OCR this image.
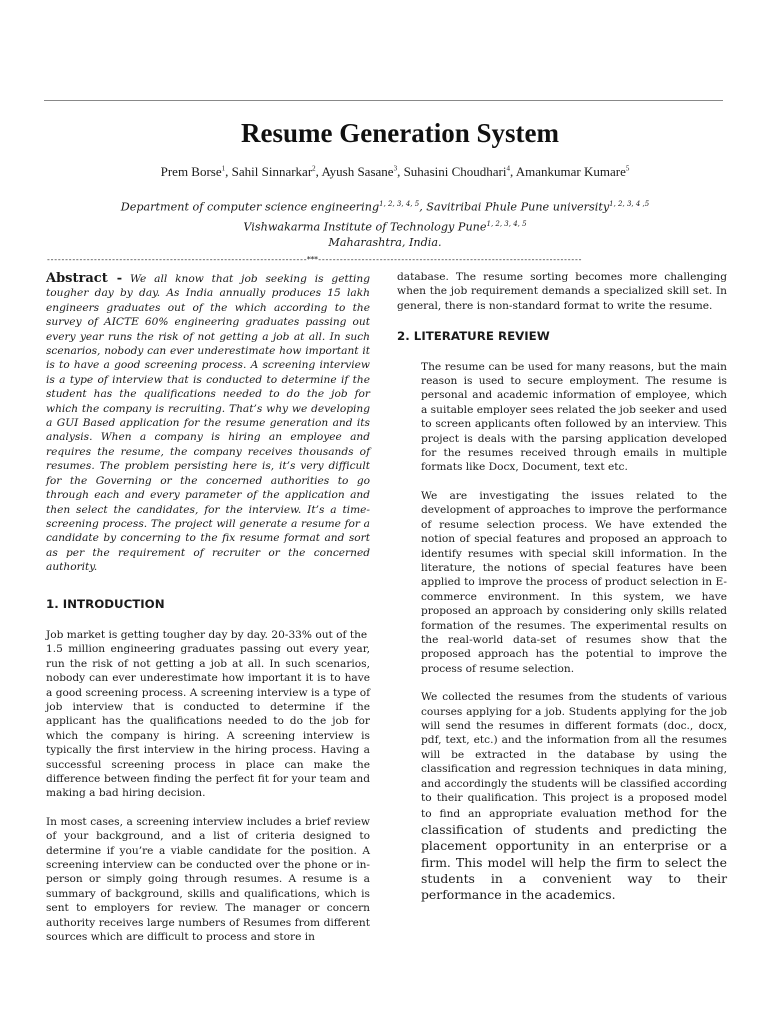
Resume Generation System
Prem Borse$^1$, Sahil Sinnarkar$^2$, Ayush Sasane$^3$, Suhasini Choudhari$^4$, Amankumar Kumare$^5$
Department of computer science engineering$^{1, 2, 3, 4, 5}$, Savitribai Phule Pune university$^{1, 2, 3, 4 ,5}$
Vishwakarma Institute of Technology Pune$^{1, 2, 3, 4, 5}$
Maharashtra, India.
------------------------------------------------------------------------***-------------------------------------------------------------------------

Abstract - We all know that job seeking is getting tougher day by day. As India annually produces 15 lakh engineers graduates out of the which according to the survey of AICTE 60% engineering graduates passing out every year runs the risk of not getting a job at all. In such scenarios, nobody can ever underestimate how important it is to have a good screening process. A screening interview is a type of interview that is conducted to determine if the student has the qualifications needed to do the job for which the company is recruiting. That’s why we developing a GUI Based application for the resume generation and its analysis. When a company is hiring an employee and requires the resume, the company receives thousands of resumes. The problem persisting here is, it’s very difficult for the Governing or the concerned authorities to go through each and every parameter of the application and then select the candidates, for the interview. It’s a time-screening process. The project will generate a resume for a candidate by concerning to the fix resume format and sort as per the requirement of recruiter or the concerned authority.

1. INTRODUCTION

Job market is getting tougher day by day. 20-33% out of the

1.5 million engineering graduates passing out every year, run the risk of not getting a job at all. In such scenarios, nobody can ever underestimate how important it is to have a good screening process. A screening interview is a type of job interview that is conducted to determine if the applicant has the qualifications needed to do the job for which the company is hiring. A screening interview is typically the first interview in the hiring process. Having a successful screening process in place can make the difference between finding the perfect fit for your team and making a bad hiring decision.

In most cases, a screening interview includes a brief review of your background, and a list of criteria designed to determine if you’re a viable candidate for the position. A screening interview can be conducted over the phone or in- person or simply going through resumes. A resume is a summary of background, skills and qualifications, which is sent to employers for review. The manager or concern authority receives large numbers of Resumes from different sources which are difficult to process and store in

database. The resume sorting becomes more challenging when the job requirement demands a specialized skill set. In general, there is non-standard format to write the resume.

2. LITERATURE REVIEW

The resume can be used for many reasons, but the main reason is used to secure employment. The resume is personal and academic information of employee, which a suitable employer sees related the job seeker and used to screen applicants often followed by an interview. This project is deals with the parsing application developed for the resumes received through emails in multiple formats like Docx, Document, text etc.

We are investigating the issues related to the development of approaches to improve the performance of resume selection process. We have extended the notion of special features and proposed an approach to identify resumes with special skill information. In the literature, the notions of special features have been applied to improve the process of product selection in E- commerce environment. In this system, we have proposed an approach by considering only skills related formation of the resumes. The experimental results on the real-world data-set of resumes show that the proposed approach has the potential to improve the process of resume selection.

We collected the resumes from the students of various courses applying for a job. Students applying for the job will send the resumes in different formats (doc., docx, pdf, text, etc.) and the information from all the resumes will be extracted in the database by using the classification and regression techniques in data mining, and accordingly the students will be classified according to their qualification. This project is a proposed model to find an appropriate evaluation method for the classification of students and predicting the placement opportunity in an enterprise or a firm. This model will help the firm to select the students in a convenient way to their performance in the academics.
